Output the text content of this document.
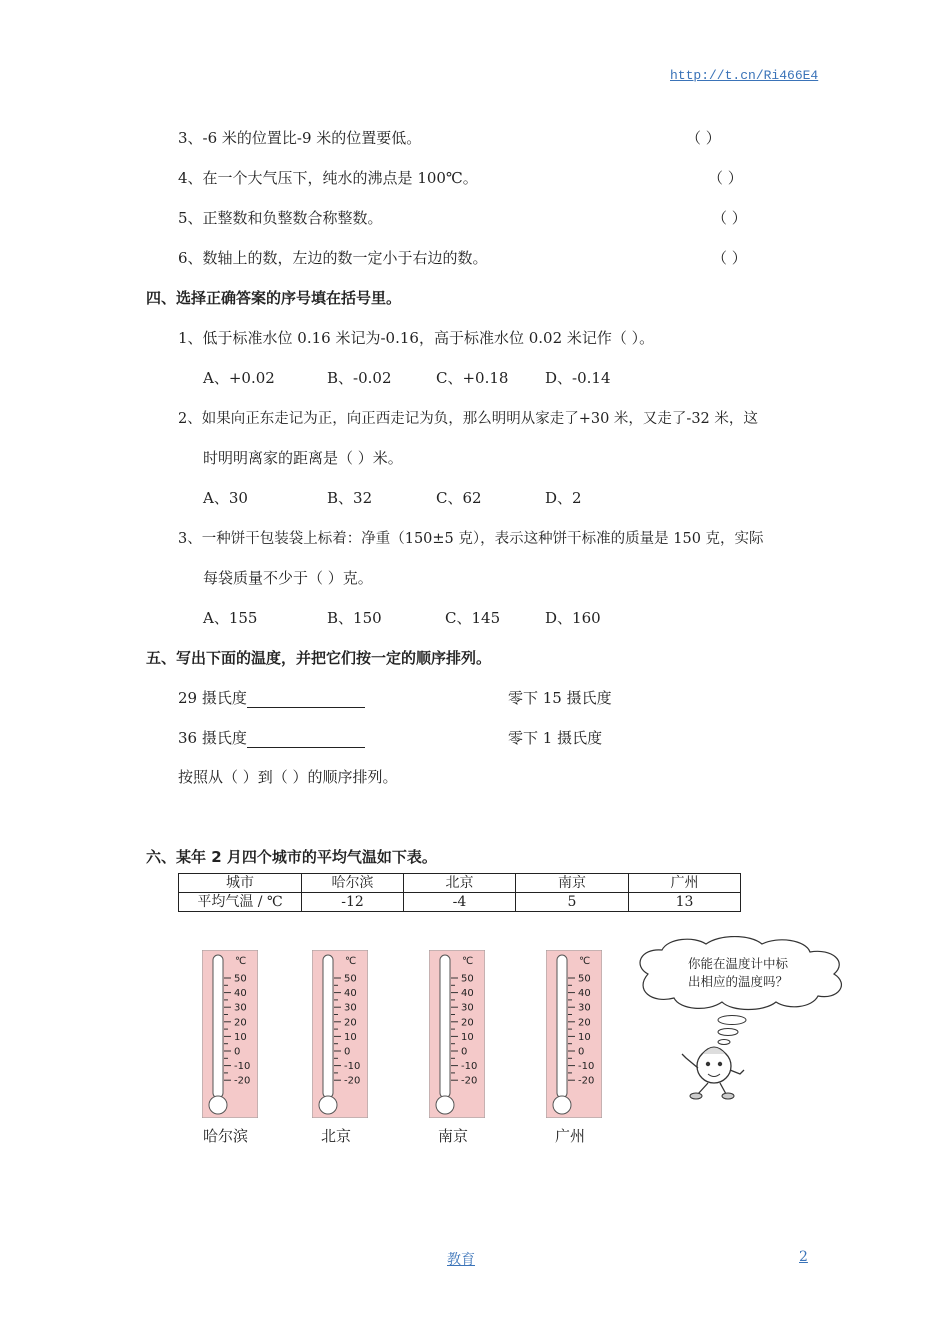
http://t.cn/Ri466E4
3、-6 米的位置比-9 米的位置要低。	（ ）
4、在一个大气压下，纯水的沸点是 100℃。	（ ）
5、正整数和负整数合称整数。	（ ）
6、数轴上的数，左边的数一定小于右边的数。	（ ）
四、选择正确答案的序号填在括号里。
1、低于标准水位 0.16 米记为-0.16，高于标准水位 0.02 米记作（ ）。
A、+0.02	B、-0.02	C、+0.18 D、-0.14
2、如果向正东走记为正，向正西走记为负，那么明明从家走了+30 米，又走了-32 米，这
时明明离家的距离是（ ）米。
A、30	B、32	C、62	D、2
3、一种饼干包装袋上标着：净重（150±5 克），表示这种饼干标准的质量是 150 克，实际
每袋质量不少于（ ）克。
A、155	B、150	C、145	D、160
五、写出下面的温度，并把它们按一定的顺序排列。
29 摄氏度	零下 15 摄氏度
36 摄氏度	零下 1 摄氏度
按照从（ ）到（ ）的顺序排列。
六、某年 2 月四个城市的平均气温如下表。
城市	哈尔滨	北京	南京	广州
平均气温 / ℃	-12	-4	5	13
℃
50
40
30
20
10
0
-10
-20
℃
50
40
30
20
10
0
-10
-20
℃
50
40
30
20
10
0
-10
-20
℃
50
40
30
20
10
0
-10
-20
哈尔滨	北京	南京	广州
你能在温度计中标
出相应的温度吗？
教育	2
